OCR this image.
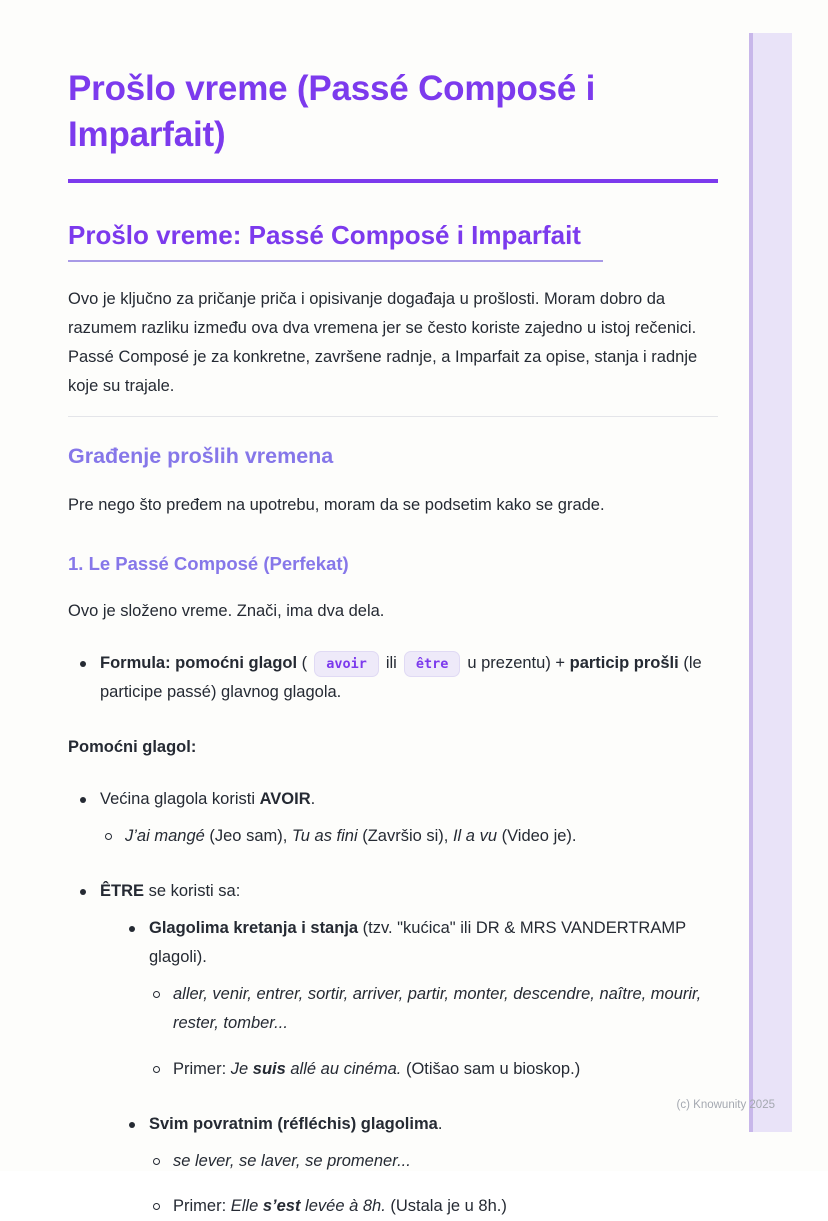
Prošlo vreme (Passé Composé i Imparfait)
Prošlo vreme: Passé Composé i Imparfait

Ovo je ključno za pričanje priča i opisivanje događaja u prošlosti. Moram dobro da razumem razliku između ova dva vremena jer se često koriste zajedno u istoj rečenici. Passé Composé je za konkretne, završene radnje, a Imparfait za opise, stanja i radnje koje su trajale.

Građenje prošlih vremena

Pre nego što pređem na upotrebu, moram da se podsetim kako se grade.

1. Le Passé Composé (Perfekat)

Ovo je složeno vreme. Znači, ima dva dela.

Formula: pomoćni glagol ( avoir ili être u prezentu) + particip prošli (le participe passé) glavnog glagola.

Pomoćni glagol:

Većina glagola koristi AVOIR.
J’ai mangé (Jeo sam), Tu as fini (Završio si), Il a vu (Video je).
ÊTRE se koristi sa:
Glagolima kretanja i stanja (tzv. "kućica" ili DR & MRS VANDERTRAMP glagoli).
aller, venir, entrer, sortir, arriver, partir, monter, descendre, naître, mourir, rester, tomber...
Primer: Je suis allé au cinéma. (Otišao sam u bioskop.)
Svim povratnim (réfléchis) glagolima.
se lever, se laver, se promener...
Primer: Elle s’est levée à 8h. (Ustala je u 8h.)
(c) Knowunity 2025
